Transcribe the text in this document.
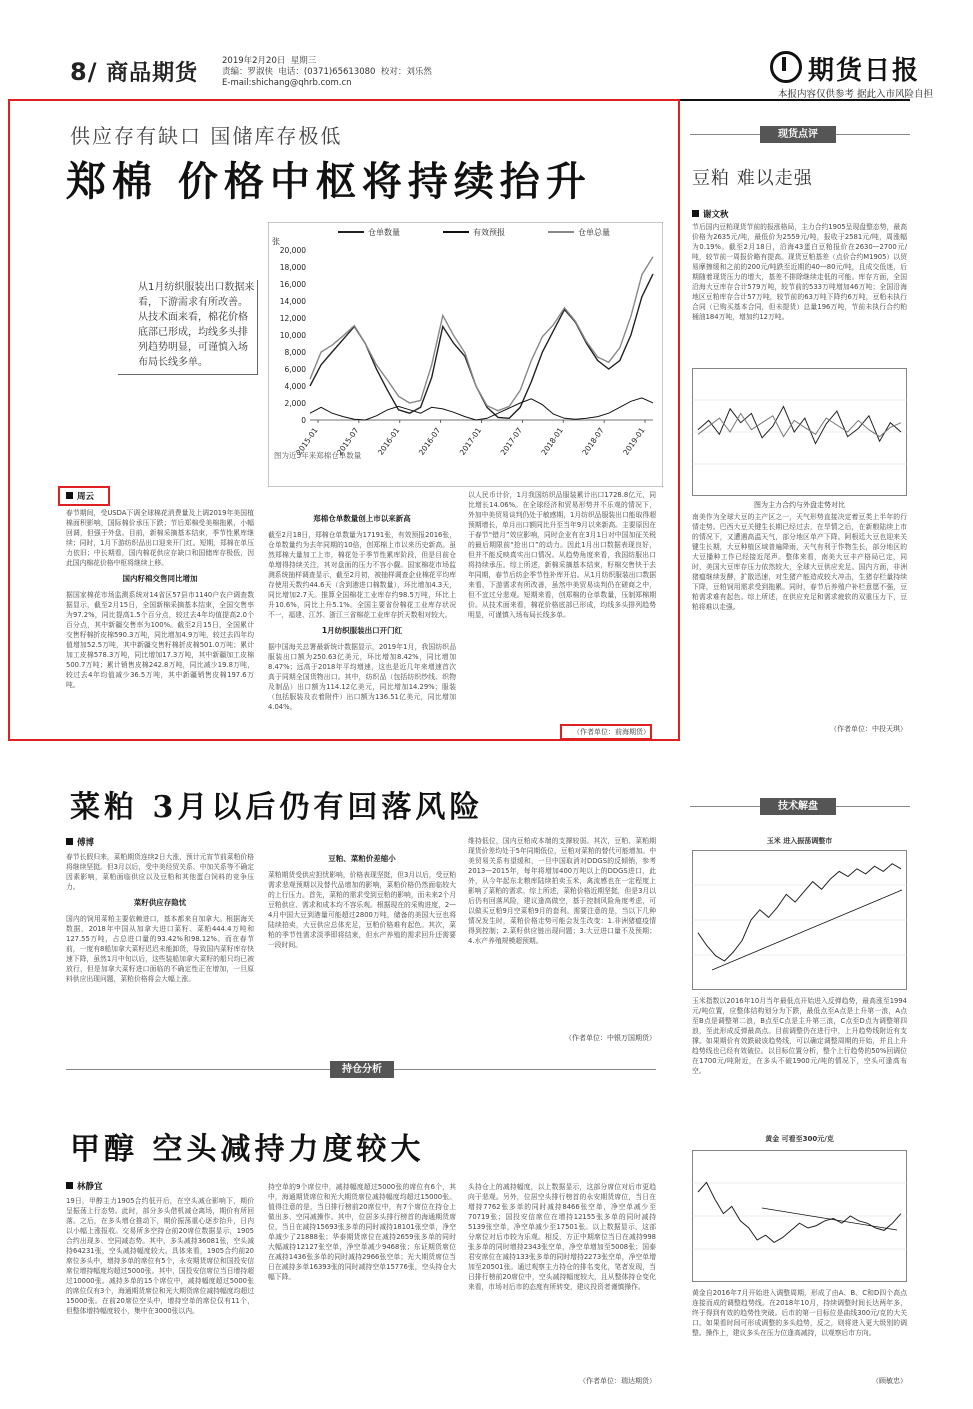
8/ 商品期货	2019年2月20日  星期三
责编：罗淑侠  电话：(0371)65613080  校对：刘乐然
E-mail:shichang@qhrb.com.cn	期货日报
本报内容仅供参考 据此入市风险自担
供应存有缺口 国储库存极低
郑棉 价格中枢将持续抬升
从1月纺织服装出口数据来看，下游需求有所改善。从技术面来看，棉花价格底部已形成，均线多头排列趋势明显，可谨慎入场布局长线多单。
仓单数量	有效预报	仓单总量
张
0
2,000
4,000
6,000
8,000
10,000
12,000
14,000
16,000
18,000
20,000
2015-01 2015-07 2016-01 2016-07 2017-01 2017-07 2018-01 2018-07 2019-01
图为近5年来郑棉仓单数量
周云
春节期间，受USDA下调全球棉花消费量及上调2019年美国植棉面积影响，国际棉价承压下跌；节后郑棉受美棉拖累，小幅回调，但强于外盘。目前，新棉采摘基本结束，季节性累库继续；同时，1月下游纺织品出口迎来开门红。短期，郑棉在单压力依旧；中长期看，国内棉花供应存缺口和国储库存极低，因此国内棉花价格中枢将继续上移。
国内籽棉交售同比增加
据国家棉花市场监测系统对14省区57县市1140户农户调查数据显示，截至2月15日，全国新棉采摘基本结束，全国交售率为97.2%，同比提高1.5个百分点，较过去4年均值提高2.0个百分点，其中新疆交售率为100%。截至2月15日，全国累计交售籽棉折皮棉590.3万吨，同比增加4.9万吨，较过去四年均值增加52.5万吨，其中新疆交售籽棉折皮棉501.0万吨；累计加工皮棉578.3万吨，同比增加17.3万吨，其中新疆加工皮棉500.7万吨；累计销售皮棉242.8万吨，同比减少19.8万吨，较过去4年均值减少36.5万吨，其中新疆销售皮棉197.6万吨。
郑棉仓单数量创上市以来新高
截至2月18日，郑棉仓单数量为17191张，有效预报2016张，仓单数量约为去年同期的10倍，创郑棉上市以来历史新高。虽然郑棉大量加工上市，棉花处于季节性累库阶段，但是目前仓单增得持续关注，其对盘面的压力不容小觑。国家棉花市场监测系统抽样调查显示，截至2月初，被抽样调查企业棉花平均库存使用天数约44.6天（含到港进口棉数量），环比增加4.3天，同比增加2.7天。推算全国棉花工业库存约98.5万吨，环比上升10.6%，同比上升5.1%。全国主要省份棉花工业库存状况不一，福建、江苏、浙江三省棉花工业库存折天数相对较大。
1月纺织服装出口开门红
据中国海关总署最新统计数据显示，2019年1月，我国纺织品服装出口额为250.63亿美元，环比增加8.42%，同比增加8.47%；远高于2018年平均增速，这也是近几年来增速首次高于同期全国货物出口。其中，纺织品（包括纺织纱线、织物及制品）出口额为114.12亿美元，同比增加14.29%；服装（包括服装及衣着附件）出口额为136.51亿美元，同比增加4.04%。
以人民币计价，1月我国纺织品服装累计出口1728.8亿元，同比增长14.06%。在全球经济和贸易形势并不乐观的情况下，外加中美贸易谈判仍处于敏感期，1月纺织品服装出口能取得超预期增长，单月出口额同比升至当年9月以来新高。主要原因在于春节“错月”效应影响，同时企业有在3月1日对中国加征关税的最后期限前“抢出口”的动力。因此1月出口数据表现良好，但并不能反映真实出口情况。从趋势角度来看，我国纺服出口将持续承压。综上所述，新棉采摘基本结束，籽棉交售快于去年同期，春节后纺企季节性补库开启。从1月纺织服装出口数据来看，下游需求有所改善，虽然中美贸易谈判仍在磋商之中，但不宜过分悲观。短期来看，创郑棉的仓单数量，压制郑棉期价。从技术面来看，棉花价格底部已形成，均线多头排列趋势明显，可谨慎入场布局长线多单。
（作者单位：前海期货）
菜粕 3月以后仍有回落风险
傅博
春节长假归来，菜粕期货连续2日大涨，预计元宵节前菜粕价格将继续坚挺。但3月以后，受中美经贸关系、中加关系等不确定因素影响，菜粕面临供应以及豆粕和其他蛋白饲料的竞争压力。
菜籽供应存隐忧
国内的饲用菜粕主要依赖进口，基本都来自加拿大。根据海关数据，2018年中国从加拿大进口菜籽、菜粕444.4万吨和127.55万吨，占总进口量的93.42%和98.12%。而在春节前，一度有8船加拿大菜籽迟迟未能卸货，导致国内菜籽库存快速下降，虽然1月中旬以后，这些装船加拿大菜籽的船只均已被放行，但是加拿大菜籽进口面临的不确定性正在增加，一旦原料供应出现问题，菜粕价格将会大幅上涨。
豆粕、菜粕价差缩小
菜粕期货受供应担忧影响，价格表现坚挺，但3月以后，受豆粕需求悲观预期以及替代品增加的影响，菜粕价格仍然面临较大的上行压力。首先，菜粕的需求受到豆粕的影响，而未来2个月豆粕供应、需求和成本均不容乐观。根据现在的采购进度，2—4月中国大豆到港量可能超过2800万吨，储备的美国大豆也将陆续拍卖，大豆供应总体充足，豆粕价格难有起色。其次，菜粕的季节性需求淡季即将结束，但水产养殖的需求回升还需要一段时间。
维持低位，国内豆粕成本端的支撑较弱。其次，豆粕、菜粕期现货价差均处于5年同期低位，豆粕对菜粕的替代可能增加。中美贸易关系有望缓和，一旦中国取消对DDGS的反倾销，参考2013—2015年，每年将增加400万吨以上的DDGS进口，此外，从今年起东北粮库陆续拍卖玉米，禽流感也在一定程度上影响了菜粕的需求。综上所述，菜粕价格近期坚挺，但是3月以后仍有回落风险，建议逢高做空，基于控制风险角度考虑，可以做买豆粕9月空菜粕9月的套利。需要注意的是，当以下几种情况发生时，菜粕价格走势可能会发生改变：1.非洲猪瘟疫情得到控制；2.菜籽供应链出现问题；3.大豆进口量不及预期；4.水产养殖规模超预期。
（作者单位：中银万国期货）
持仓分析
甲醇 空头减持力度较大
林静宜
19日，甲醇主力1905合约低开后，在空头减仓影响下，期价呈振荡上行态势。此时，部分多头借机减仓离场，期价有所回落。之后，在多头增仓推动下，期价振荡重心逐步抬升，日内以小幅上涨报收。交易所多空持仓前20席位数据显示，1905合约出现多、空同减态势。其中，多头减持36081张，空头减持64231张，空头减持幅度较大。具体来看，1905合约前20席位多头中，增持多单的席位有5个，永安期货席位和国投安信席位增持幅度均超过5000张。其中，国投安信席位当日增持超过10000张。减持多单的15个席位中，减持幅度超过5000张的席位仅有3个，海通期货席位和光大期货席位减持幅度均超过15000张。在前20席位空头中，增持空单的席位仅有11个，但整体增持幅度较小，集中在3000张以内。
持空单的9个席位中，减持幅度超过5000张的席位有6个，其中，海通期货席位和光大期货席位减持幅度均超过15000张。值得注意的是，当日排行榜前20席位中，有7个席位在持仓上做出多、空同减操作。其中，位居多头排行榜首的海通期货席位，当日在减持15693张多单的同时减持18101张空单，净空单减少了21888张；华泰期货席位在减持2659张多单的同时大幅减持12127张空单，净空单减少9468张；东证期货席位在减持1436张多单的同时减持2966张空单；光大期货席位当日在减持多单16393张的同时减持空单15776张，空头持仓大幅下降。
头持仓上的减持幅度，以上数据显示，这部分席位对后市更趋向于悲观。另外，位居空头排行榜首的永安期货席位，当日在增持7762张多单的同时减持8466张空单，净空单减少至70719张；国投安信席位在增持12155张多单的同时减持5139张空单，净空单减少至17501张。以上数据显示，这部分席位对后市较为乐观。相反，方正中期席位当日在减持998张多单的同时增持2343张空单，净空单增加至5008张；国泰君安席位在减持133张多单的同时增持2273张空单，净空单增加至20501张。通过观察主力持仓的排名变化，笔者发现，当日排行榜前20席位中，空头减持幅度较大，且从整体持仓变化来看，市场对后市的态度有所转变，建议投资者谨慎操作。
（作者单位：瑞达期货）
现货点评
豆粕 难以走强
谢文秋
节后国内豆粕现货节前的报涨格局，主力合约1905呈现盘整态势，最高价格为2635元/吨，最低价为2559元/吨，报收于2581元/吨，周涨幅为0.19%。截至2月18日，沿海43蛋白豆粕报价在2630—2700元/吨，较节前一周报价略有提高。现货豆粕基差（点价合约M1905）以贸易摩擦缓和之前的200元/吨跌至近期的40—80元/吨，且成交低迷，后期随着现货压力的增大，基差不排除继续走低的可能。库存方面，全国沿海大豆库存合计579万吨，较节前的533万吨增加46万吨；全国沿海地区豆粕库存合计57万吨，较节前的63万吨下降约6万吨，豆粕未执行合同（已购买基本合同，但未提货）总量196万吨，节前未执行合约粕桶油184万吨，增加约12万吨。
图为主力合约与外盘走势对比
南美作为全球大豆的主产区之一，天气形势直接决定着豆类上半年的行情走势。巴西大豆关键生长期已经过去，在旱情之后，在新粮陆续上市的情况下，又遭遇高温天气，部分地区单产下降。阿根廷大豆也迎来关键生长期，大豆种植区域普遍降雨，天气有利于作物生长，部分地区的大豆播种工作已经接近尾声。整体来看，南美大豆丰产格局已定，同时，美国大豆库存压力依然较大，全球大豆供应充足。国内方面，非洲猪瘟继续发酵，扩散迅速，对生猪产能造成较大冲击，生猪存栏量持续下降，豆粕饲用需求受到拖累。同时，春节后养殖户补栏意愿不强，豆粕需求难有起色。综上所述，在供应充足和需求疲软的双重压力下，豆粕将难以走强。
（作者单位：中投天琪）
技术解盘
玉米 进入振荡调整市
玉米指数以2016年10月当年最低点开始进入反弹趋势，最高涨至1994元/吨位置，应整体结构划分为下跌，最低点至A点是上升第一浪，A点至B点是调整第二浪，B点至C点是主升第三浪，C点至D点为调整第四浪，至此形成反弹最高点。目前调整仍在进行中，上升趋势线附近有支撑。如果期价有效跌破该趋势线，可以确定调整周期的开始，并且上升趋势线也已经有效破位。以目标位置分析，整个上行趋势的50%回调位在1700元/吨附近，在多头不破1900元/吨的情况下，空头可逢高布空。
黄金 可看至300元/克
黄金自2016年7月开始进入调整周期，形成了由A、B、C和D四个高点连接而成的调整趋势线。在2018年10月，持续调整时间长达两年多，终于得到有效的趋势性突破。后市的第一目标位是曲线300元/克的大关口。如果看时间可形成调整的多头趋势，反之，则将进入更大级别的调整。操作上，建议多头在压力位逢高减持，以观察后市方向。
（顾敏忠）
